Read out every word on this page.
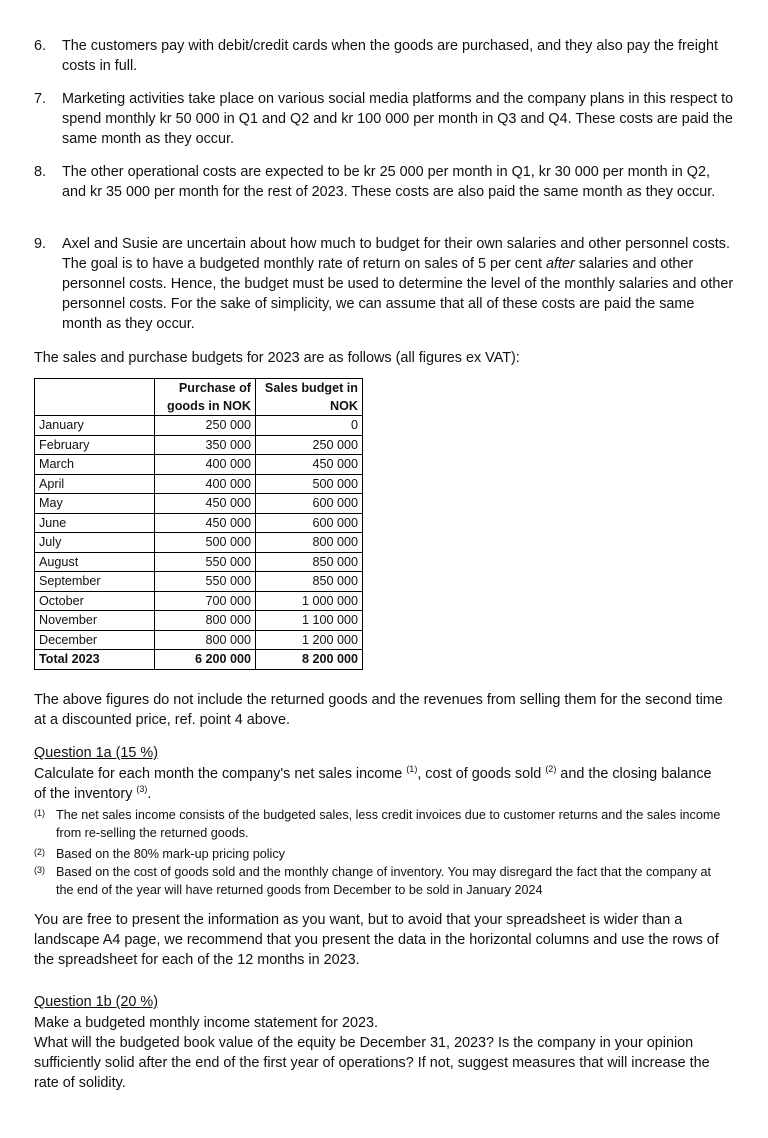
6.	The customers pay with debit/credit cards when the goods are purchased, and they also pay the freight costs in full.
7.	Marketing activities take place on various social media platforms and the company plans in this respect to spend monthly kr 50 000 in Q1 and Q2 and kr 100 000 per month in Q3 and Q4. These costs are paid the same month as they occur.
8.	The other operational costs are expected to be kr 25 000 per month in Q1, kr 30 000 per month in Q2, and kr 35 000 per month for the rest of 2023. These costs are also paid the same month as they occur.
9.	Axel and Susie are uncertain about how much to budget for their own salaries and other personnel costs. The goal is to have a budgeted monthly rate of return on sales of 5 per cent after salaries and other personnel costs. Hence, the budget must be used to determine the level of the monthly salaries and other personnel costs. For the sake of simplicity, we can assume that all of these costs are paid the same month as they occur.
The sales and purchase budgets for 2023 are as follows (all figures ex VAT):
	Purchase of goods in NOK	Sales budget in NOK
January	250 000	0
February	350 000	250 000
March	400 000	450 000
April	400 000	500 000
May	450 000	600 000
June	450 000	600 000
July	500 000	800 000
August	550 000	850 000
September	550 000	850 000
October	700 000	1 000 000
November	800 000	1 100 000
December	800 000	1 200 000
Total 2023	6 200 000	8 200 000
The above figures do not include the returned goods and the revenues from selling them for the second time at a discounted price, ref. point 4 above.
Question 1a (15 %)
Calculate for each month the company's net sales income $^{(1)}$, cost of goods sold $^{(2)}$ and the closing balance of the inventory $^{(3)}$.
(1) The net sales income consists of the budgeted sales, less credit invoices due to customer returns and the sales income from re-selling the returned goods.
(2) Based on the 80% mark-up pricing policy
(3) Based on the cost of goods sold and the monthly change of inventory. You may disregard the fact that the company at the end of the year will have returned goods from December to be sold in January 2024
You are free to present the information as you want, but to avoid that your spreadsheet is wider than a landscape A4 page, we recommend that you present the data in the horizontal columns and use the rows of the spreadsheet for each of the 12 months in 2023.
Question 1b (20 %)
Make a budgeted monthly income statement for 2023.
What will the budgeted book value of the equity be December 31, 2023? Is the company in your opinion sufficiently solid after the end of the first year of operations? If not, suggest measures that will increase the rate of solidity.
